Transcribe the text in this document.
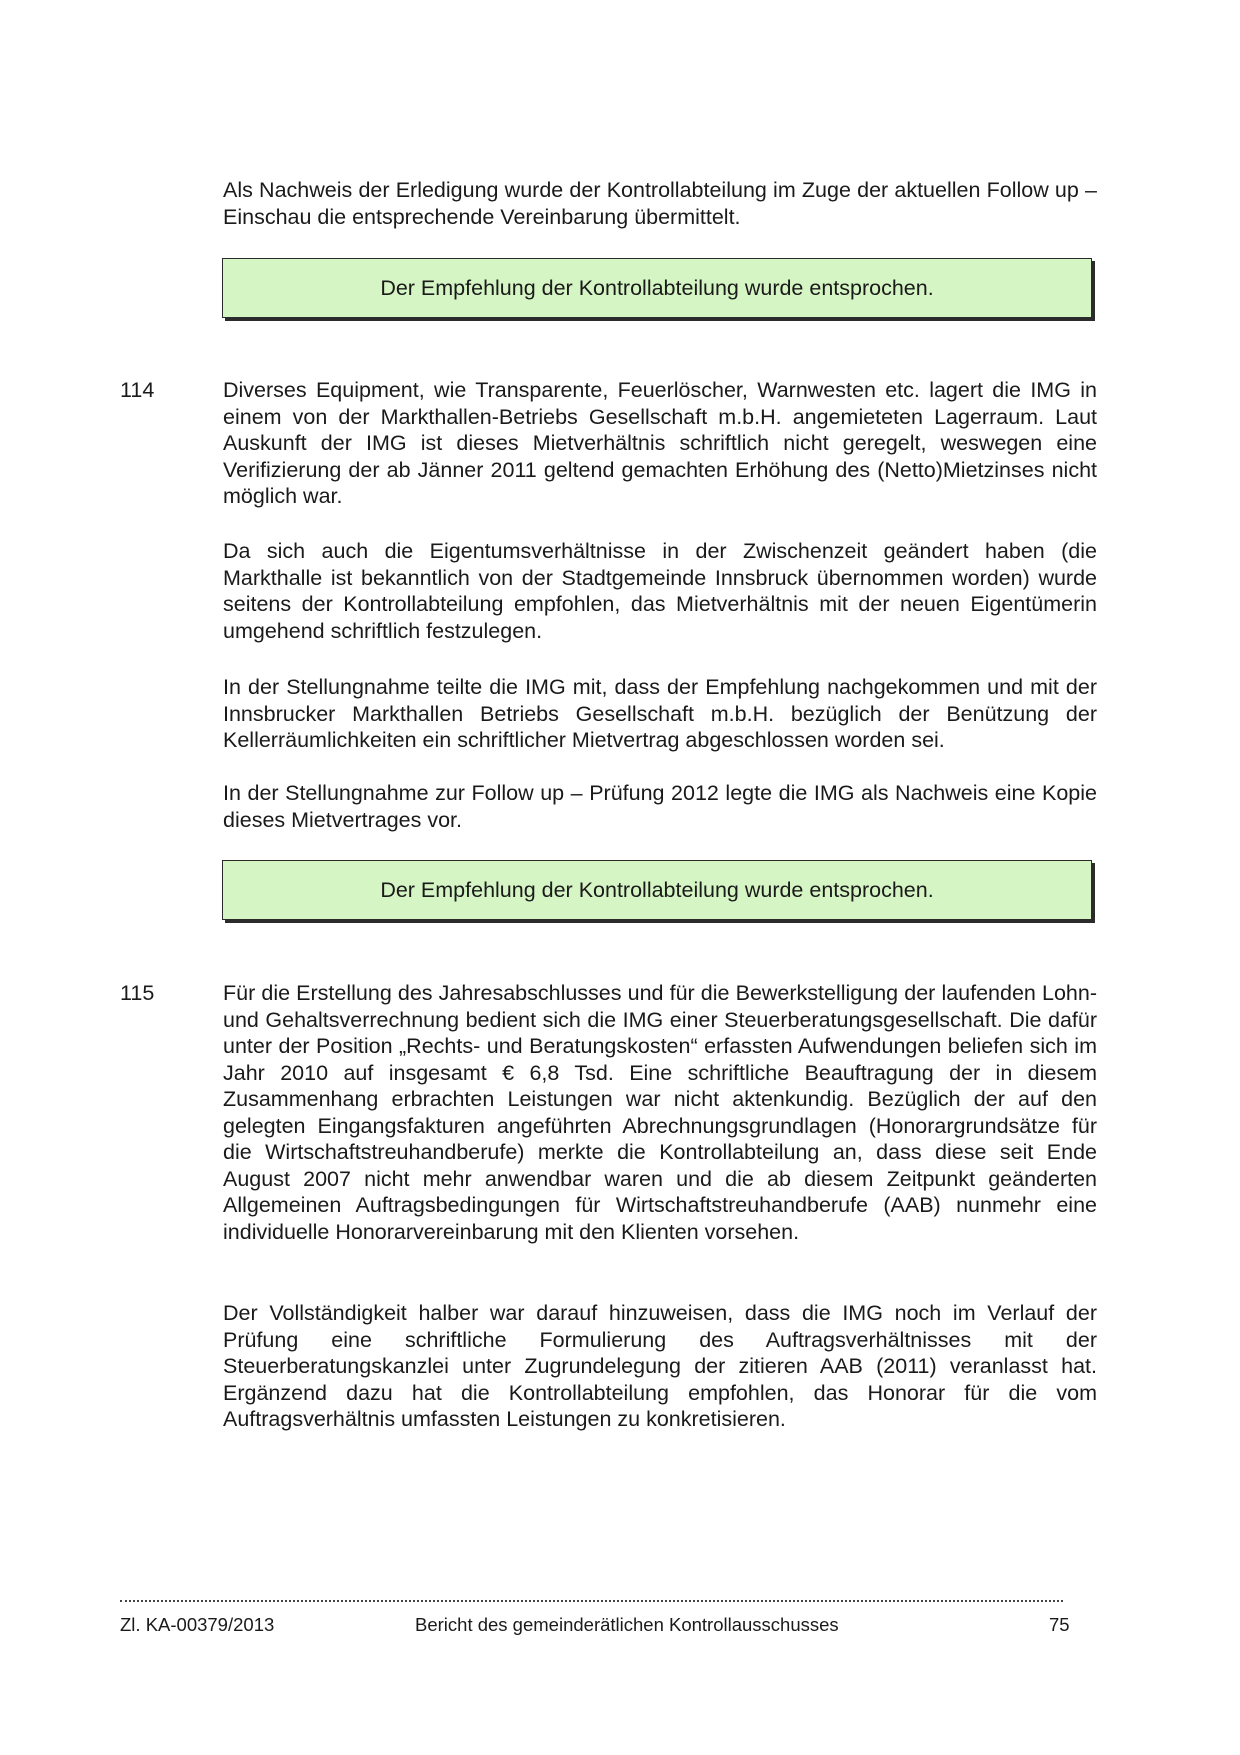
Als Nachweis der Erledigung wurde der Kontrollabteilung im Zuge der aktuellen Follow up – Einschau die entsprechende Vereinbarung übermittelt.

Der Empfehlung der Kontrollabteilung wurde entsprochen.
114	Diverses Equipment, wie Transparente, Feuerlöscher, Warnwesten etc. lagert die IMG in einem von der Markthallen-Betriebs Gesellschaft m.b.H. angemieteten Lagerraum. Laut Auskunft der IMG ist dieses Mietverhältnis schriftlich nicht geregelt, weswegen eine Verifizierung der ab Jänner 2011 geltend gemachten Erhöhung des (Netto)Mietzinses nicht möglich war.

Da sich auch die Eigentumsverhältnisse in der Zwischenzeit geändert haben (die Markthalle ist bekanntlich von der Stadtgemeinde Innsbruck übernommen worden) wurde seitens der Kontrollabteilung empfohlen, das Mietverhältnis mit der neuen Eigentümerin umgehend schriftlich festzulegen.

In der Stellungnahme teilte die IMG mit, dass der Empfehlung nachgekommen und mit der Innsbrucker Markthallen Betriebs Gesellschaft m.b.H. bezüglich der Benützung der Kellerräumlichkeiten ein schriftlicher Mietvertrag abgeschlossen worden sei.

In der Stellungnahme zur Follow up – Prüfung 2012 legte die IMG als Nachweis eine Kopie dieses Mietvertrages vor.

Der Empfehlung der Kontrollabteilung wurde entsprochen.
115	Für die Erstellung des Jahresabschlusses und für die Bewerkstelligung der laufenden Lohn- und Gehaltsverrechnung bedient sich die IMG einer Steuerberatungsgesellschaft. Die dafür unter der Position „Rechts- und Beratungskosten“ erfassten Aufwendungen beliefen sich im Jahr 2010 auf insgesamt € 6,8 Tsd. Eine schriftliche Beauftragung der in diesem Zusammenhang erbrachten Leistungen war nicht aktenkundig. Bezüglich der auf den gelegten Eingangsfakturen angeführten Abrechnungsgrundlagen (Honorargrundsätze für die Wirtschaftstreuhandberufe) merkte die Kontrollabteilung an, dass diese seit Ende August 2007 nicht mehr anwendbar waren und die ab diesem Zeitpunkt geänderten Allgemeinen Auftragsbedingungen für Wirtschaftstreuhandberufe (AAB) nunmehr eine individuelle Honorarvereinbarung mit den Klienten vorsehen.

Der Vollständigkeit halber war darauf hinzuweisen, dass die IMG noch im Verlauf der Prüfung eine schriftliche Formulierung des Auftragsverhältnisses mit der Steuerberatungskanzlei unter Zugrundelegung der zitieren AAB (2011) veranlasst hat. Ergänzend dazu hat die Kontrollabteilung empfohlen, das Honorar für die vom Auftragsverhältnis umfassten Leistungen zu konkretisieren.

Zl. KA-00379/2013	Bericht des gemeinderätlichen Kontrollausschusses	75
